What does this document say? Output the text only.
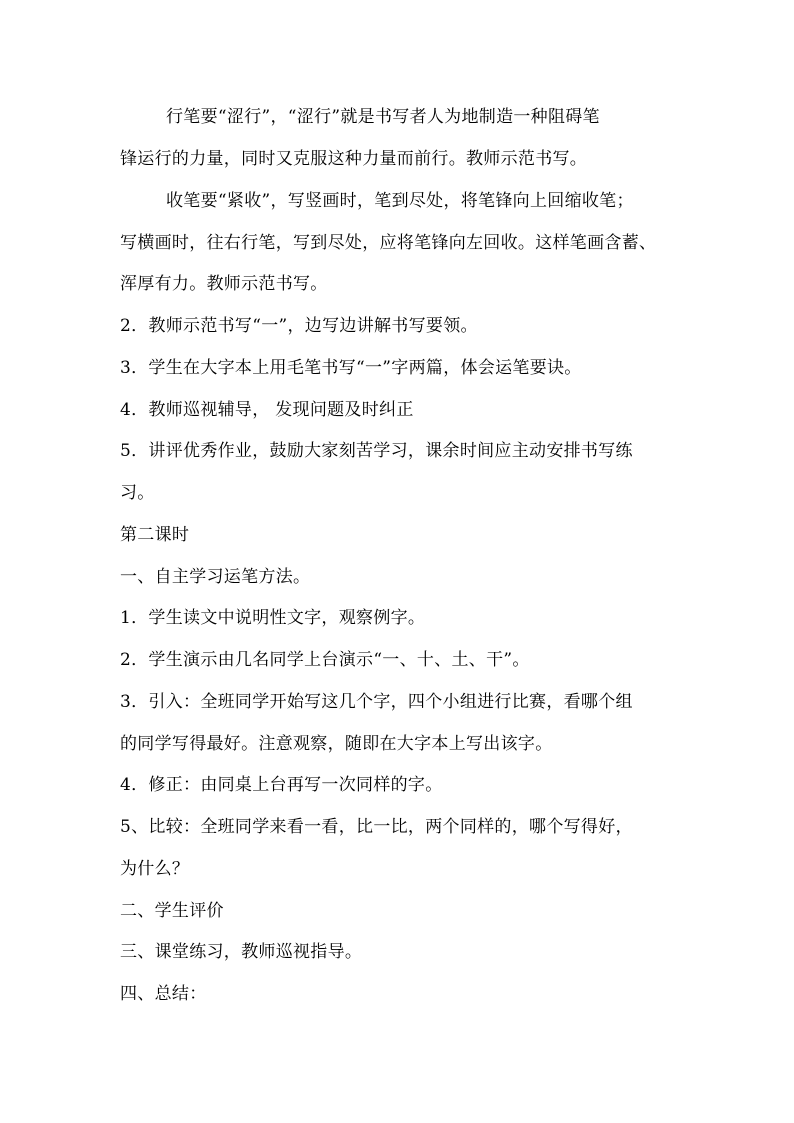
行笔要“涩行”，“涩行”就是书写者人为地制造一种阻碍笔
锋运行的力量，同时又克服这种力量而前行。教师示范书写。
收笔要“紧收”，写竖画时，笔到尽处，将笔锋向上回缩收笔；
写横画时，往右行笔，写到尽处，应将笔锋向左回收。这样笔画含蓄、
浑厚有力。教师示范书写。
2．教师示范书写“一”，边写边讲解书写要领。
3．学生在大字本上用毛笔书写“一”字两篇，体会运笔要诀。
4．教师巡视辅导， 发现问题及时纠正
5．讲评优秀作业，鼓励大家刻苦学习，课余时间应主动安排书写练
习。
第二课时
一、自主学习运笔方法。
1．学生读文中说明性文字，观察例字。
2．学生演示由几名同学上台演示“一、十、土、干”。
3．引入：全班同学开始写这几个字，四个小组进行比赛，看哪个组
的同学写得最好。注意观察，随即在大字本上写出该字。
4．修正：由同桌上台再写一次同样的字。
5、比较：全班同学来看一看，比一比，两个同样的，哪个写得好，
为什么？
二、学生评价
三、课堂练习，教师巡视指导。
四、总结：
